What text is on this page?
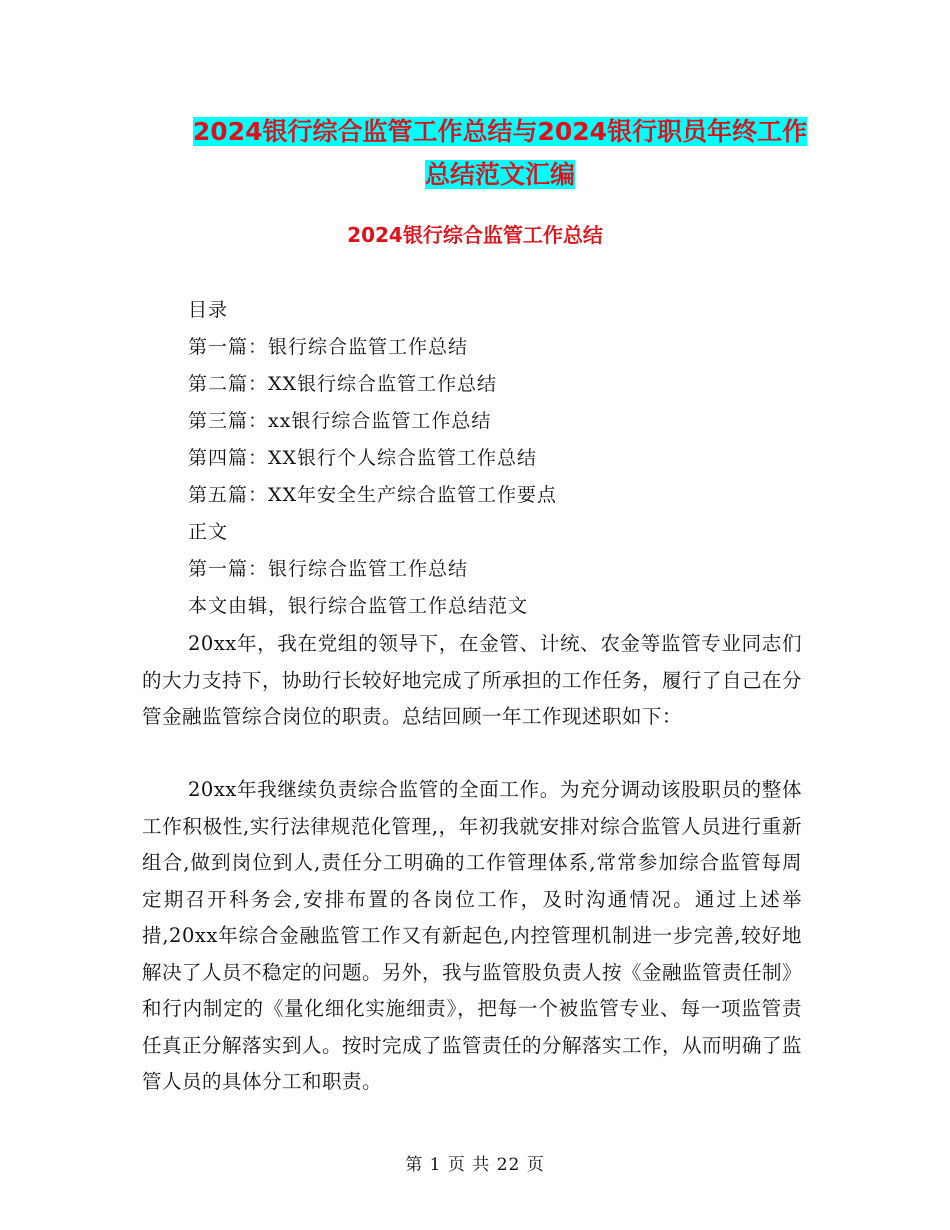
2024银行综合监管工作总结与2024银行职员年终工作
总结范文汇编
2024银行综合监管工作总结
目录
第一篇：银行综合监管工作总结
第二篇：XX银行综合监管工作总结
第三篇：xx银行综合监管工作总结
第四篇：XX银行个人综合监管工作总结
第五篇：XX年安全生产综合监管工作要点
正文
第一篇：银行综合监管工作总结
本文由辑，银行综合监管工作总结范文
20xx年，我在党组的领导下，在金管、计统、农金等监管专业同志们的大力支持下，协助行长较好地完成了所承担的工作任务，履行了自己在分管金融监管综合岗位的职责。总结回顾一年工作现述职如下：
20xx年我继续负责综合监管的全面工作。为充分调动该股职员的整体工作积极性,实行法律规范化管理,，年初我就安排对综合监管人员进行重新组合,做到岗位到人,责任分工明确的工作管理体系,常常参加综合监管每周定期召开科务会,安排布置的各岗位工作，及时沟通情况。通过上述举措,20xx年综合金融监管工作又有新起色,内控管理机制进一步完善,较好地解决了人员不稳定的问题。另外，我与监管股负责人按《金融监管责任制》和行内制定的《量化细化实施细责》，把每一个被监管专业、每一项监管责任真正分解落实到人。按时完成了监管责任的分解落实工作，从而明确了监管人员的具体分工和职责。
第 1 页 共 22 页
